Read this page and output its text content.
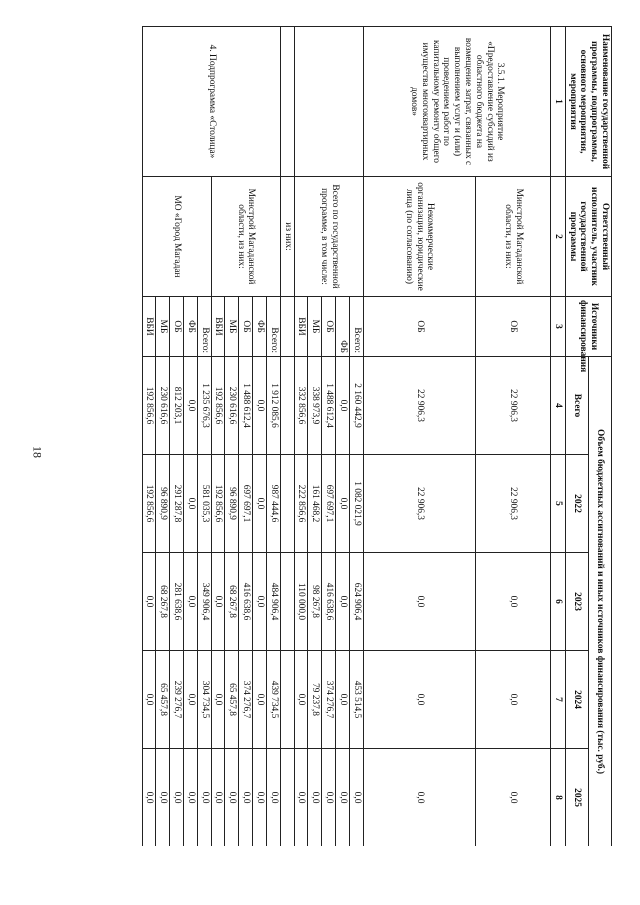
18
Наименование государственной программы, подпрограммы, основного мероприятия, мероприятия	Ответственный исполнитель, участник государственной программы	Источники финансирования	Объем бюджетных ассигнований и иных источников финансирования (тыс. руб.)				
			Всего	2022	2023	2024	2025
1	2	3	4	5	6	7	8
3.5.1. Мероприятие «Предоставление субсидий из областного бюджета на возмещение затрат, связанных с выполнением услуг и (или) проведением работ по капитальному ремонту общего имущества многоквартирных домов»	Минстрой Магаданской области, из них:	ОБ	22 906,3	22 906,3	0,0	0,0	0,0
	Некоммерческие организации, юридические лица (по согласованию)	ОБ	22 906,3	22 906,3	0,0	0,0	0,0
	Всего по государственной программе, в том числе:	Всего:	2 160 442,9	1 082 021,9	624 906,4	453 514,5	0,0
		ФБ	0,0	0,0	0,0	0,0	0,0
		ОБ	1 488 612,4	697 697,1	416 638,6	374 276,7	0,0
		МБ	338 973,9	161 468,2	98 267,8	79 237,8	0,0
		ВБИ	332 856,6	222 856,6	110 000,0	0,0	0,0
	из них:						
4. Подпрограмма «Столица»	Минстрой Магаданской области, из них:	Всего:	1 912 085,6	987 444,6	484 906,4	439 734,5	0,0
		ФБ	0,0	0,0	0,0	0,0	0,0
		ОБ	1 488 612,4	697 697,1	416 638,6	374 276,7	0,0
		МБ	230 616,6	96 890,9	68 267,8	65 457,8	0,0
		ВБИ	192 856,6	192 856,6	0,0	0,0	0,0
	МО «Город Магадан	Всего:	1 235 676,3	581 035,3	349 906,4	304 734,5	0,0
		ФБ	0,0	0,0	0,0	0,0	0,0
		ОБ	812 203,1	291 287,8	281 638,6	239 276,7	0,0
		МБ	230 616,6	96 890,9	68 267,8	65 457,8	0,0
		ВБИ	192 856,6	192 856,6	0,0	0,0	0,0
